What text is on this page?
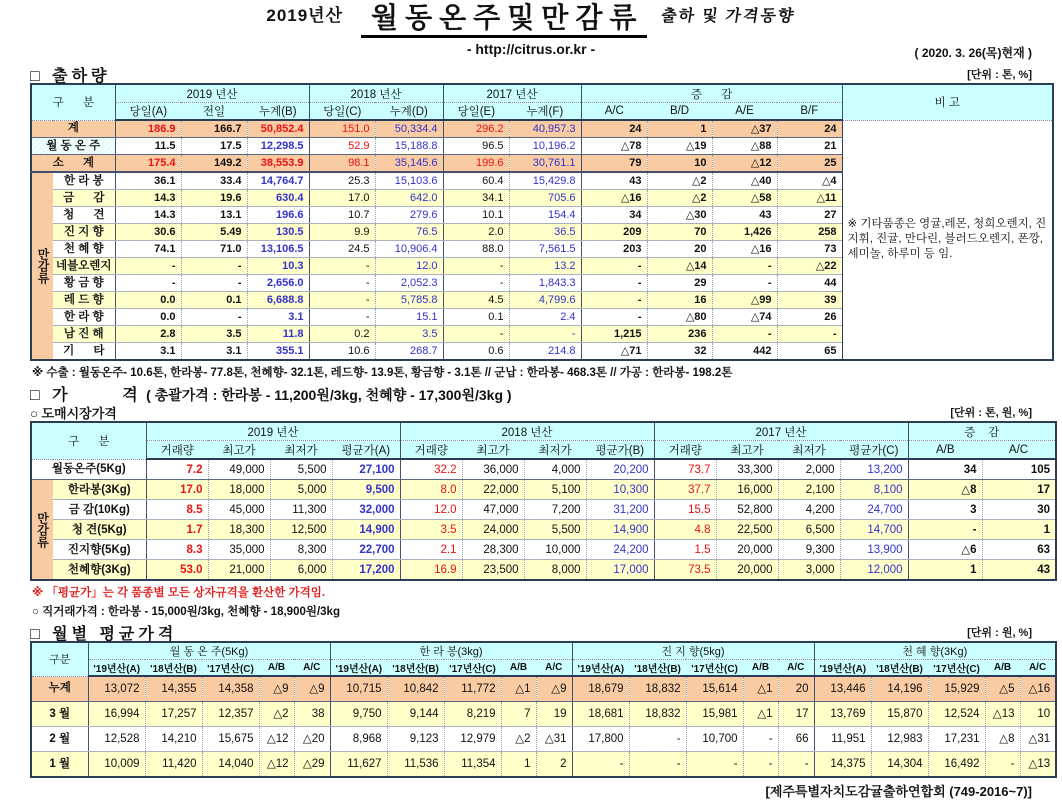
2019년산 월동온주및만감류 출하 및 가격동향
- http://citrus.or.kr -	( 2020. 3. 26(목)현재 )
□ 출하량	[단위 : 톤, %]
구      분		2019 년산			2018 년산		2017 년산		증      감				비 고
		당일(A)	전일	누계(B)	당일(C)	누계(D)	당일(E)	누계(F)	A/C	B/D	A/E	B/F	
계		186.9	166.7	50,852.4	151.0	50,334.4	296.2	40,957.3	24	1	△37	24	※ 기타품종은 영귤,레몬, 청희오렌지, 진지휘, 진귤, 만다린, 블러드오렌지, 폰깡,세미놀, 하루미 등 임.
월 동 온 주		11.5	17.5	12,298.5	52.9	15,188.8	96.5	10,196.2	△78	△19	△88	21	
소      계		175.4	149.2	38,553.9	98.1	35,145.6	199.6	30,761.1	79	10	△12	25	
만감류	한 라 봉	36.1	33.4	14,764.7	25.3	15,103.6	60.4	15,429.8	43	△2	△40	△4	
	금      감	14.3	19.6	630.4	17.0	642.0	34.1	705.6	△16	△2	△58	△11	
	청      견	14.3	13.1	196.6	10.7	279.6	10.1	154.4	34	△30	43	27	
	진 지 향	30.6	5.49	130.5	9.9	76.5	2.0	36.5	209	70	1,426	258	
	천 혜 향	74.1	71.0	13,106.5	24.5	10,906.4	88.0	7,561.5	203	20	△16	73	
	네블오렌지	-	-	10.3	-	12.0	-	13.2	-	△14	-	△22	
	황 금 향	-	-	2,656.0	-	2,052.3	-	1,843.3	-	29	-	44	
	레 드 향	0.0	0.1	6,688.8	-	5,785.8	4.5	4,799.6	-	16	△99	39	
	한 라 향	0.0	-	3.1	-	15.1	0.1	2.4	-	△80	△74	26	
	남 진 해	2.8	3.5	11.8	0.2	3.5	-	-	1,215	236	-	-	
	기      타	3.1	3.1	355.1	10.6	268.7	0.6	214.8	△71	32	442	65	
※ 수출 : 월동온주- 10.6톤, 한라봉- 77.8톤, 천혜향- 32.1톤, 레드향- 13.9톤, 황금향 - 3.1톤 // 군납 : 한라봉- 468.3톤 // 가공 : 한라봉- 198.2톤
□ 가      격 ( 총괄가격 : 한라봉 - 11,200원/3kg, 천혜향 - 17,300원/3kg )
○ 도매시장가격	[단위 : 톤, 원, %]
구      분		2019 년산				2018 년산				2017 년산				증    감	
		거래량	최고가	최저가	평균가(A)	거래량	최고가	최저가	평균가(B)	거래량	최고가	최저가	평균가(C)	A/B	A/C
월동온주(5Kg)		7.2	49,000	5,500	27,100	32.2	36,000	4,000	20,200	73.7	33,300	2,000	13,200	34	105
만감류	한라봉(3Kg)	17.0	18,000	5,000	9,500	8.0	22,000	5,100	10,300	37.7	16,000	2,100	8,100	△8	17
	금 감(10Kg)	8.5	45,000	11,300	32,000	12.0	47,000	7,200	31,200	15.5	52,800	4,200	24,700	3	30
	청 견(5Kg)	1.7	18,300	12,500	14,900	3.5	24,000	5,500	14,900	4.8	22,500	6,500	14,700	-	1
	진지향(5Kg)	8.3	35,000	8,300	22,700	2.1	28,300	10,000	24,200	1.5	20,000	9,300	13,900	△6	63
	천혜향(3Kg)	53.0	21,000	6,000	17,200	16.9	23,500	8,000	17,000	73.5	20,000	3,000	12,000	1	43
※ 「평균가」는 각 품종별 모든 상자규격을 환산한 가격임.
○ 직거래가격 : 한라봉 - 15,000원/3kg, 천혜향 - 18,900원/3kg
□ 월별 평균가격	[단위 : 원, %]
구분	월 동 온 주(5Kg)					한 라 봉(3kg)					진 지 향(5kg)					천 혜 향(3Kg)				
	'19년산(A)	'18년산(B)	'17년산(C)	A/B	A/C	'19년산(A)	'18년산(B)	'17년산(C)	A/B	A/C	'19년산(A)	'18년산(B)	'17년산(C)	A/B	A/C	'19년산(A)	'18년산(B)	'17년산(C)	A/B	A/C
누계	13,072	14,355	14,358	△9	△9	10,715	10,842	11,772	△1	△9	18,679	18,832	15,614	△1	20	13,446	14,196	15,929	△5	△16
3 월	16,994	17,257	12,357	△2	38	9,750	9,144	8,219	7	19	18,681	18,832	15,981	△1	17	13,769	15,870	12,524	△13	10
2 월	12,528	14,210	15,675	△12	△20	8,968	9,123	12,979	△2	△31	17,800	-	10,700	-	66	11,951	12,983	17,231	△8	△31
1 월	10,009	11,420	14,040	△12	△29	11,627	11,536	11,354	1	2	-	-	-	-	-	14,375	14,304	16,492	-	△13
[제주특별자치도감귤출하연합회 (749-2016~7)]
